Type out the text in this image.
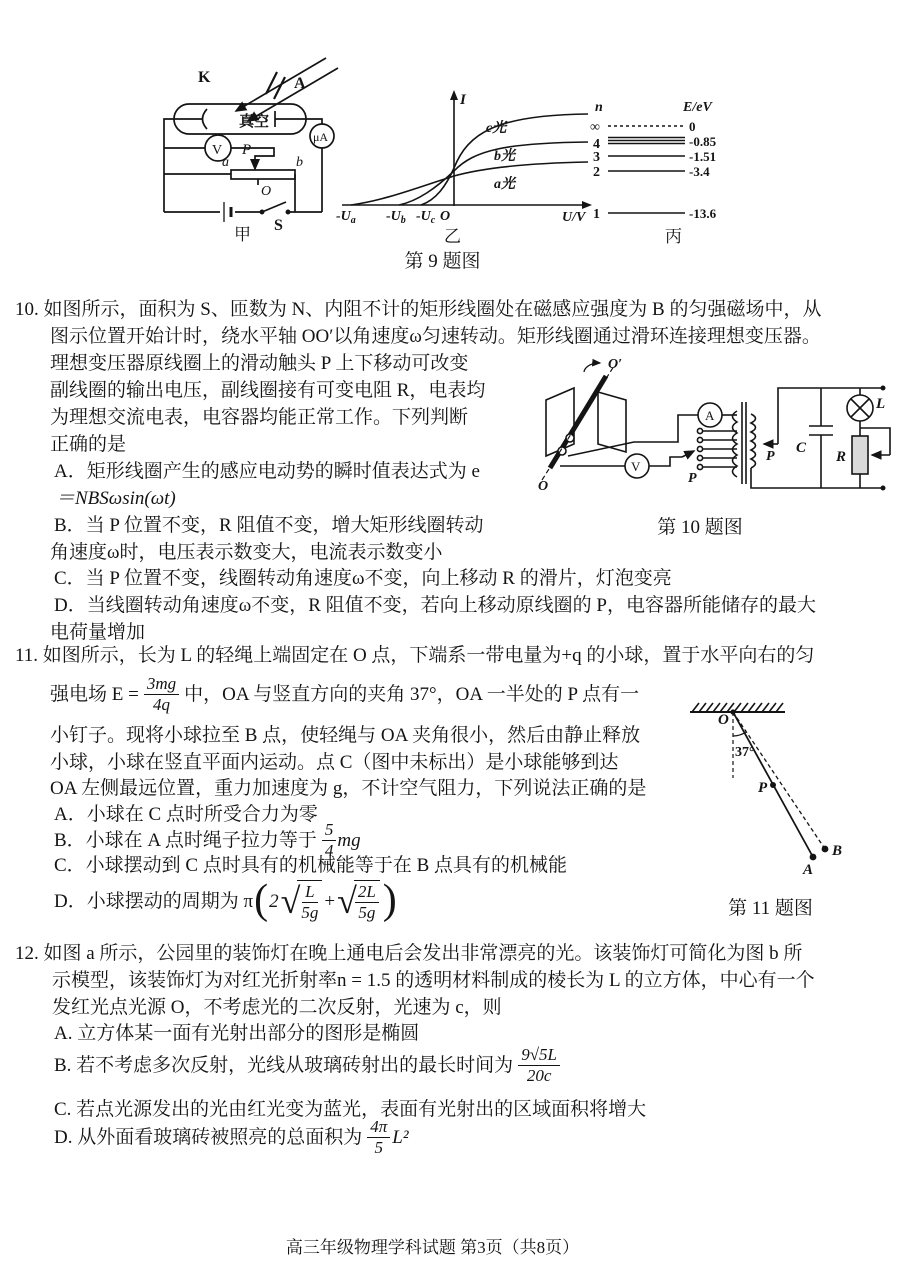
K	A
真空
μA
V P
a	b
O
S
甲
I
U/V
O
c光
b光
a光
$-U_a$ $-U_b$ $-U_c$
乙
n	E/eV
∞	0
4	-0.85
3	-1.51
2	-3.4
1	-13.6
丙
第 9 题图
10. 如图所示，面积为 S、匝数为 N、内阻不计的矩形线圈处在磁感应强度为 B 的匀强磁场中，从
图示位置开始计时，绕水平轴 OO′以角速度ω匀速转动。矩形线圈通过滑环连接理想变压器。
理想变压器原线圈上的滑动触头 P 上下移动可改变
副线圈的输出电压，副线圈接有可变电阻 R，电表均
为理想交流电表，电容器均能正常工作。下列判断
正确的是
A．矩形线圈产生的感应电动势的瞬时值表达式为 e
＝NBSωsin(ωt)
B．当 P 位置不变，R 阻值不变，增大矩形线圈转动
角速度ω时，电压表示数变大，电流表示数变小
C．当 P 位置不变，线圈转动角速度ω不变，向上移动 R 的滑片，灯泡变亮
D．当线圈转动角速度ω不变，R 阻值不变，若向上移动原线圈的 P，电容器所能储存的最大
电荷量增加
O′
O
A
V
P
P
C
L
R
第 10 题图
11. 如图所示，长为 L 的轻绳上端固定在 O 点，下端系一带电量为+q 的小球，置于水平向右的匀
强电场 $E = \frac{3mg}{4q}$ 中，OA 与竖直方向的夹角 37°，OA 一半处的 P 点有一
小钉子。现将小球拉至 B 点，使轻绳与 OA 夹角很小，然后由静止释放
小球，小球在竖直平面内运动。点 C（图中未标出）是小球能够到达
OA 左侧最远位置，重力加速度为 g，不计空气阻力，下列说法正确的是
A．小球在 C 点时所受合力为零
B．小球在 A 点时绳子拉力等于 $\frac{5}{4}$ mg
C．小球摆动到 C 点时具有的机械能等于在 B 点具有的机械能
D．小球摆动的周期为 π ( 2 √
$\frac{L}{5g}$ + √
$\frac{2L}{5g}$ )
O
37°
P
A
B
第 11 题图
12. 如图 a 所示，公园里的装饰灯在晚上通电后会发出非常漂亮的光。该装饰灯可简化为图 b 所
示模型，该装饰灯为对红光折射率n = 1.5 的透明材料制成的棱长为 L 的立方体，中心有一个
发红光点光源 O，不考虑光的二次反射，光速为 c，则
A. 立方体某一面有光射出部分的图形是椭圆
B. 若不考虑多次反射，光线从玻璃砖射出的最长时间为 $\frac{9√5L}{20c}$
C. 若点光源发出的光由红光变为蓝光，表面有光射出的区域面积将增大
D. 从外面看玻璃砖被照亮的总面积为 $\frac{4\pi}{5} L^2$
高三年级物理学科试题 第3页（共8页）
